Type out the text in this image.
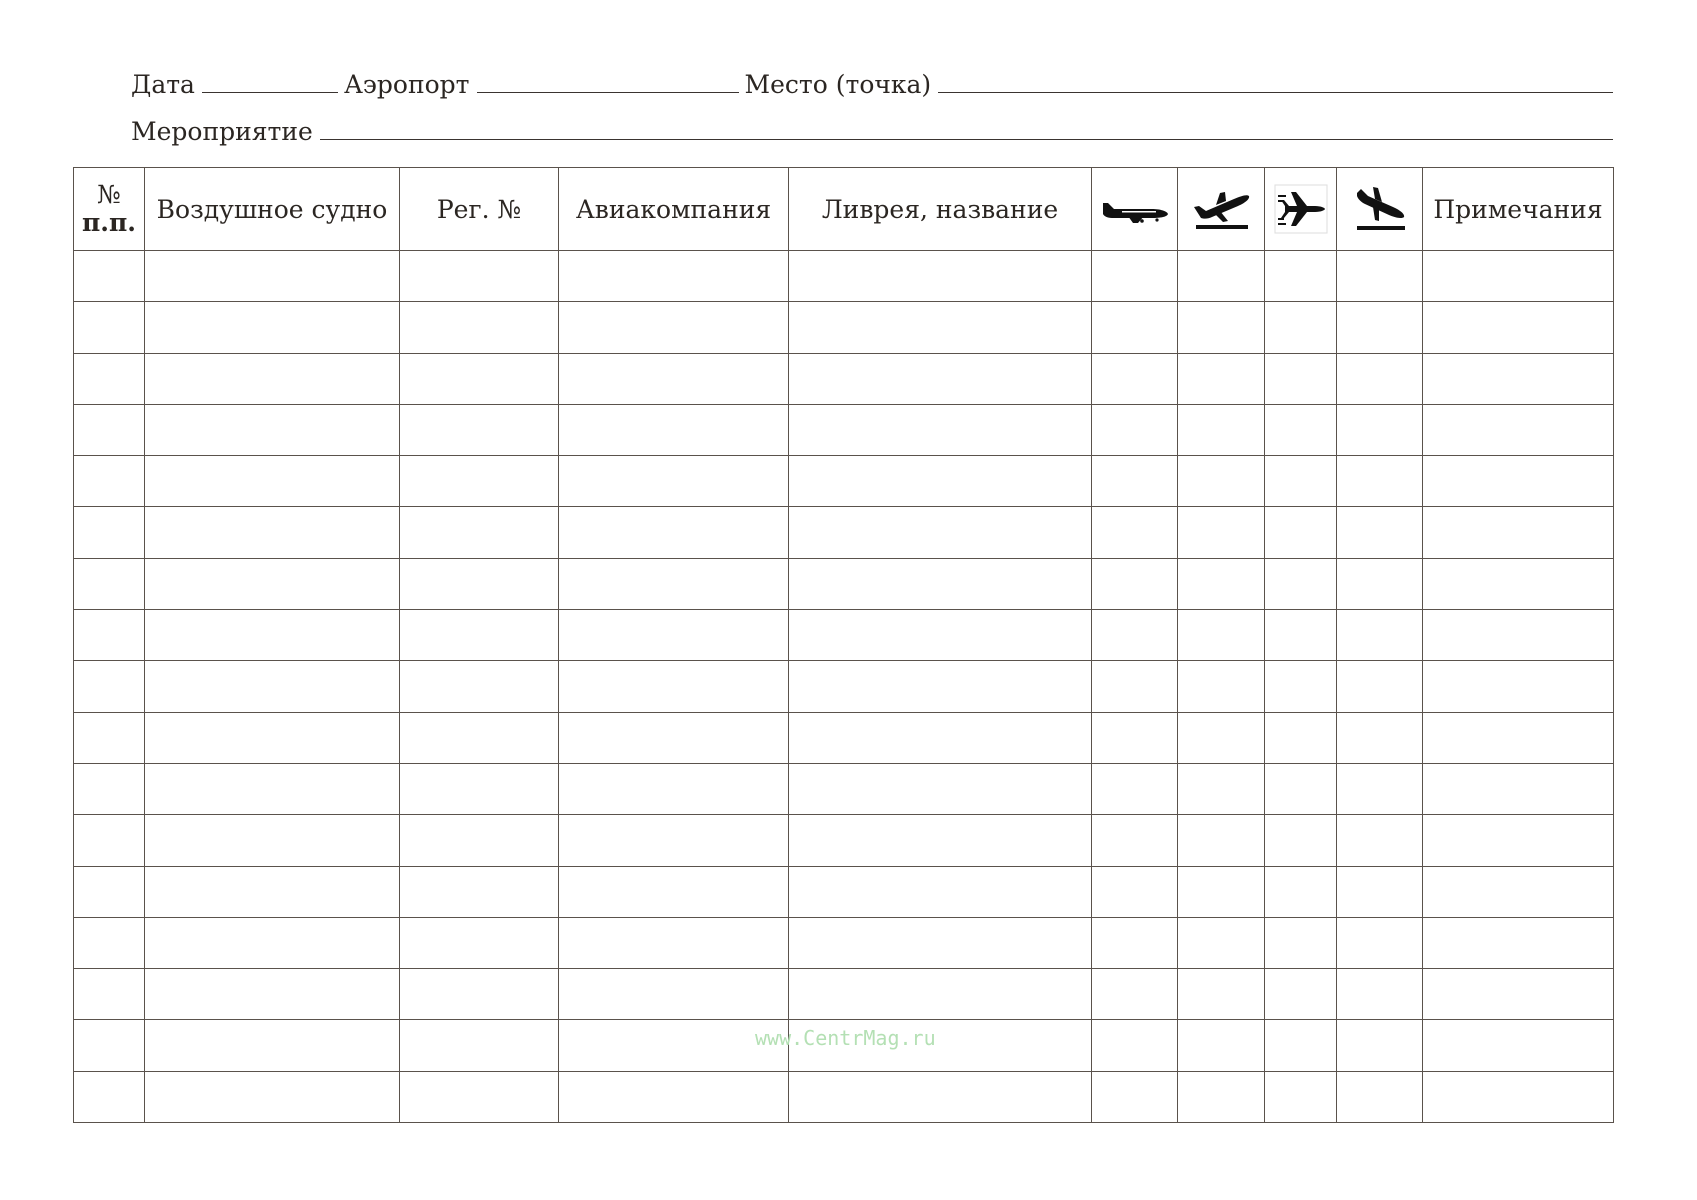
Дата	Аэропорт	Место (точка)
Мероприятие
№
п.п.	Воздушное судно	Рег. №	Авиакомпания	Ливрея, название					Примечания

www.CentrMag.ru
